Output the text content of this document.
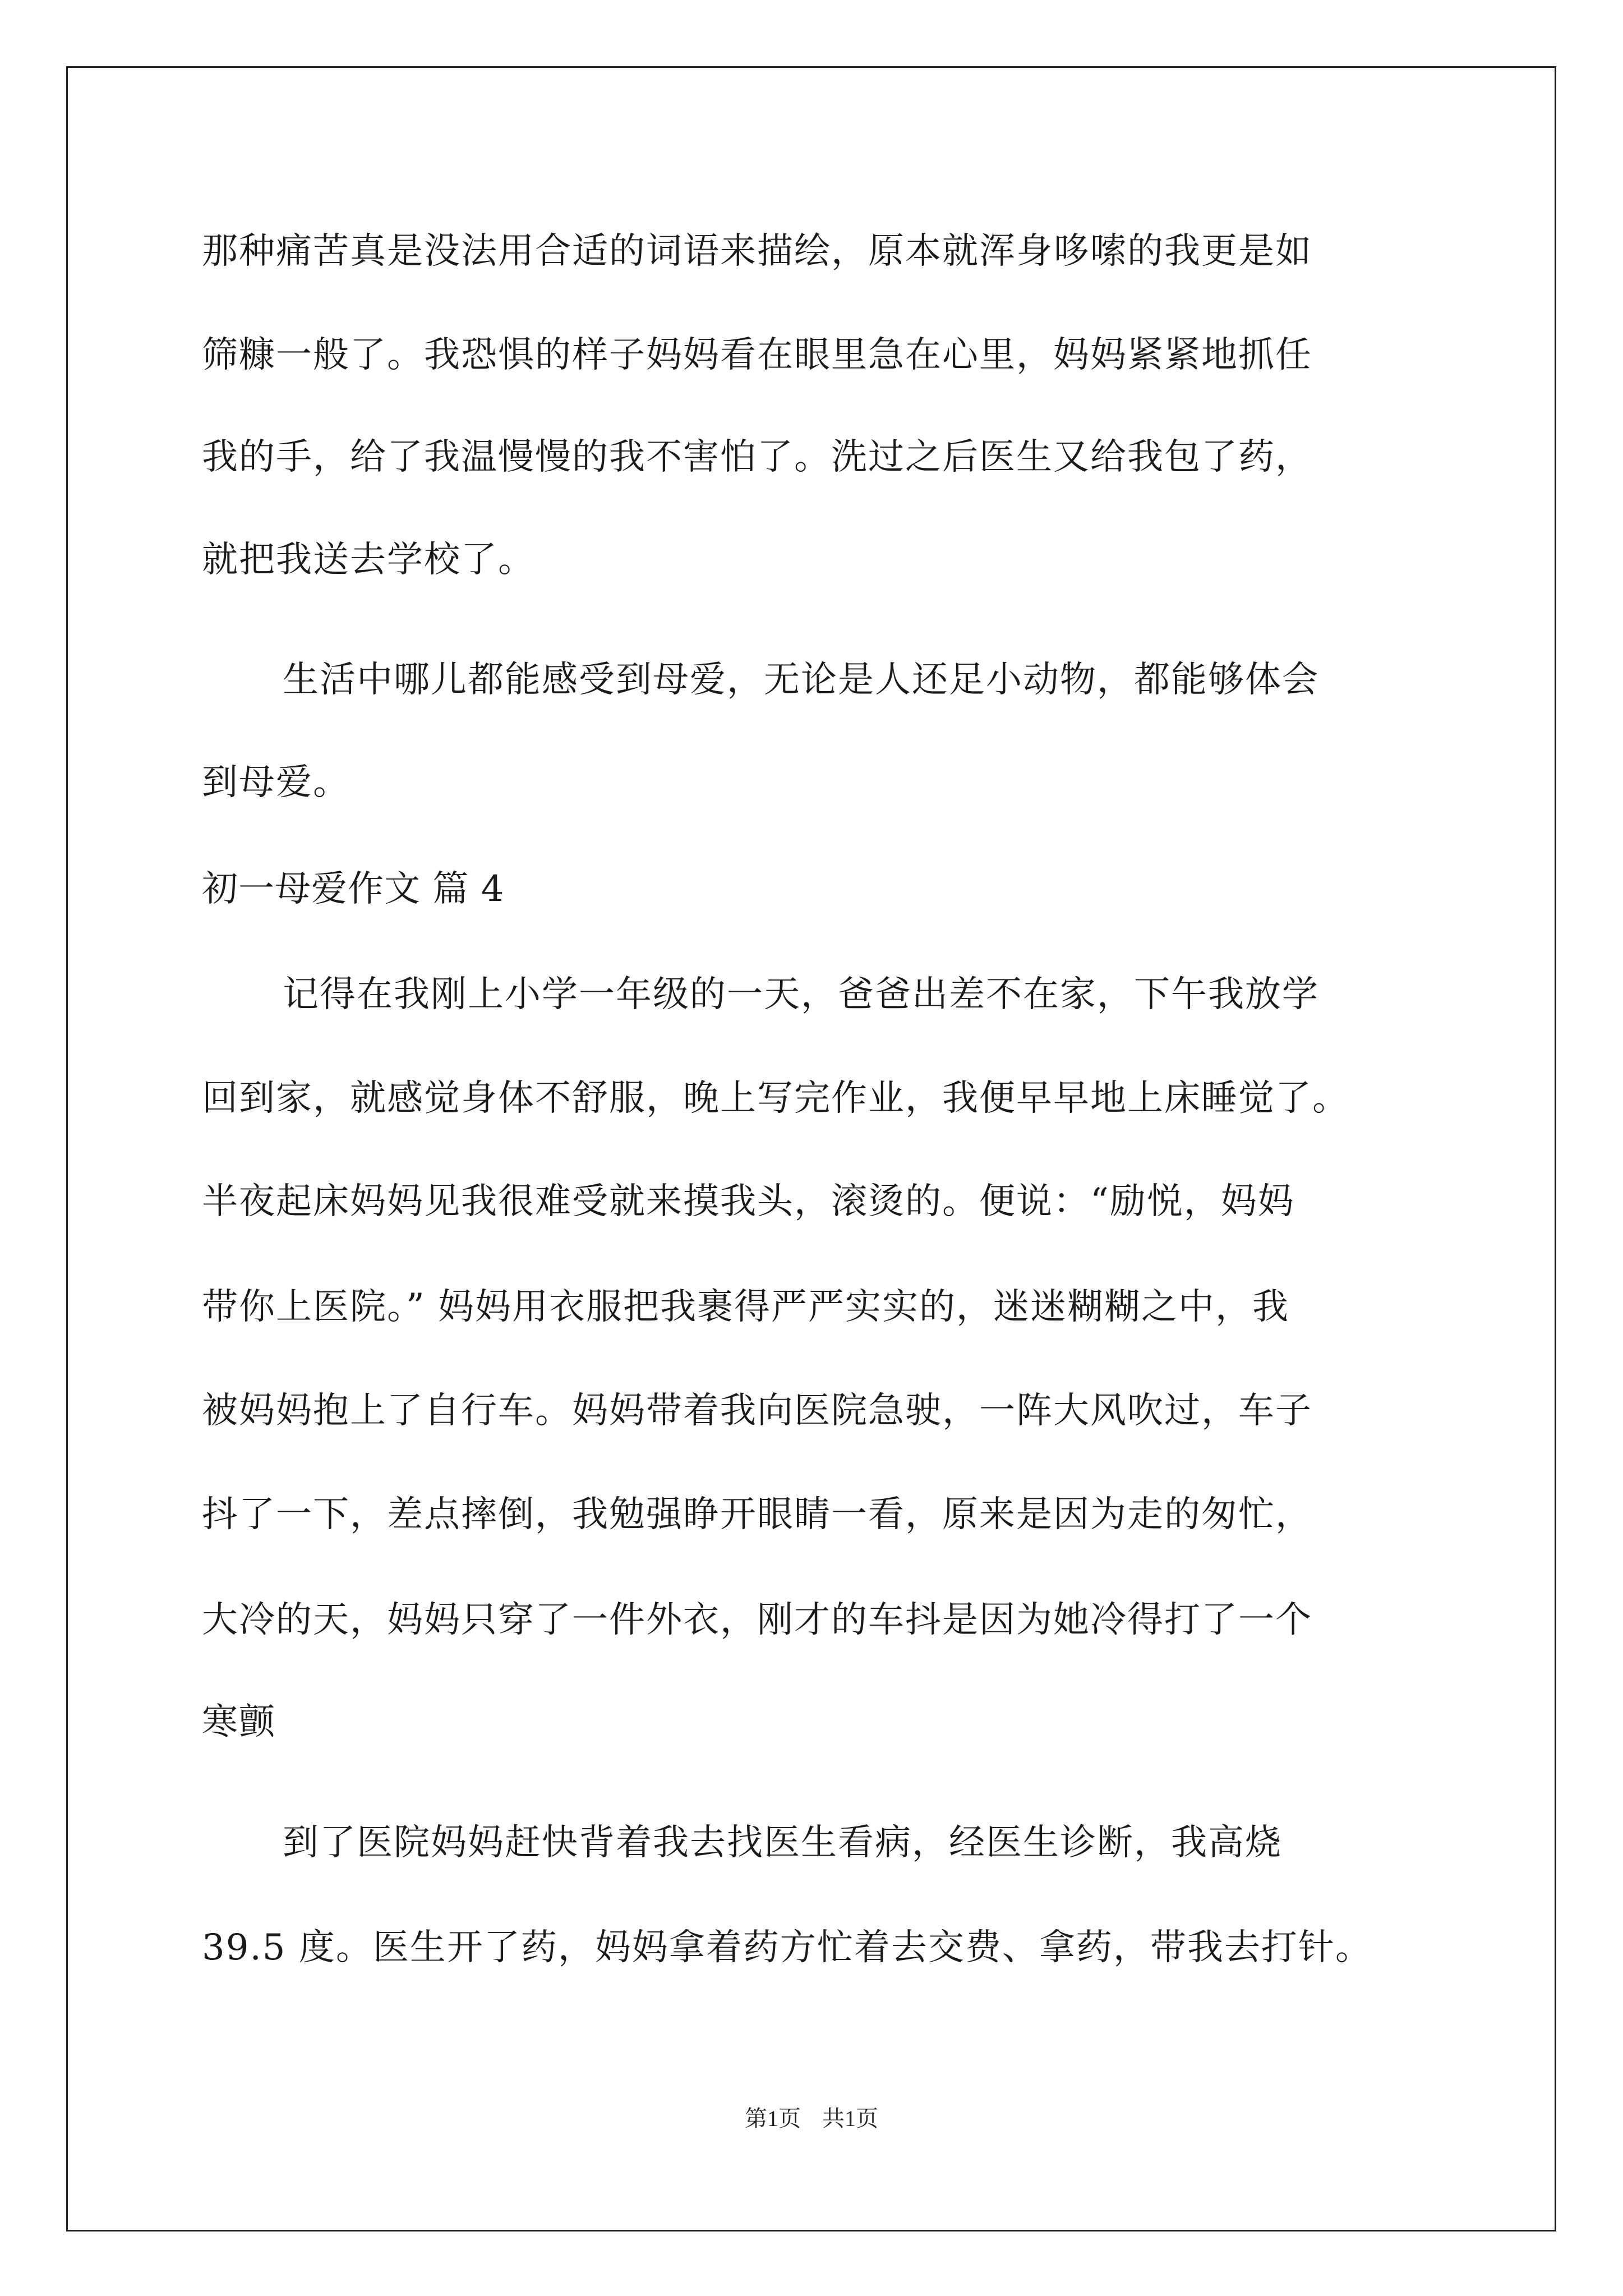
那种痛苦真是没法用合适的词语来描绘，原本就浑身哆嗦的我更是如
筛糠一般了。我恐惧的样子妈妈看在眼里急在心里，妈妈紧紧地抓任
我的手，给了我温慢慢的我不害怕了。洗过之后医生又给我包了药，
就把我送去学校了。
生活中哪儿都能感受到母爱，无论是人还足小动物，都能够体会
到母爱。
初一母爱作文 篇 4
记得在我刚上小学一年级的一天，爸爸出差不在家，下午我放学
回到家，就感觉身体不舒服，晚上写完作业，我便早早地上床睡觉了。
半夜起床妈妈见我很难受就来摸我头，滚烫的。便说：“励悦，妈妈
带你上医院。” 妈妈用衣服把我裹得严严实实的，迷迷糊糊之中，我
被妈妈抱上了自行车。妈妈带着我向医院急驶，一阵大风吹过，车子
抖了一下，差点摔倒，我勉强睁开眼睛一看，原来是因为走的匆忙，
大冷的天，妈妈只穿了一件外衣，刚才的车抖是因为她冷得打了一个
寒颤
到了医院妈妈赶快背着我去找医生看病，经医生诊断，我高烧
39.5 度。医生开了药，妈妈拿着药方忙着去交费、拿药，带我去打针。
第1页 共1页
